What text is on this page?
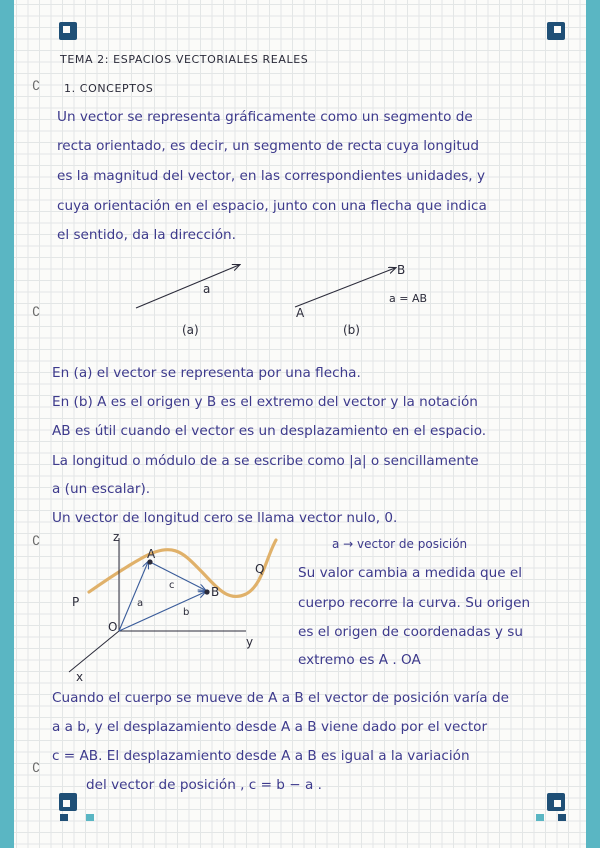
∁
∁
∁
∁
TEMA 2: ESPACIOS VECTORIALES REALES
1. CONCEPTOS
Un vector se representa gráficamente como un segmento de
recta orientado, es decir, un segmento de recta cuya longitud
es la magnitud del vector, en las correspondientes unidades, y
cuya orientación en el espacio, junto con una flecha que indica
el sentido, da la dirección.
a
A
B
a = AB
(a)	(b)
En (a) el vector se representa por una flecha.
En (b) A es el origen y B es el extremo del vector y la notación
AB es útil cuando el vector es un desplazamiento en el espacio.
La longitud o módulo de a se escribe como |a| o sencillamente
a (un escalar).
Un vector de longitud cero se llama vector nulo, 0.
z
y
x
O
A
B
a
b
c
P
Q
a → vector de posición
Su valor cambia a medida que el
cuerpo recorre la curva. Su origen
es el origen de coordenadas y su
extremo es A . OA
Cuando el cuerpo se mueve de A a B el vector de posición varía de
a a b, y el desplazamiento desde A a B viene dado por el vector
c = AB. El desplazamiento desde A a B es igual a la variación
del vector de posición , c = b − a .
